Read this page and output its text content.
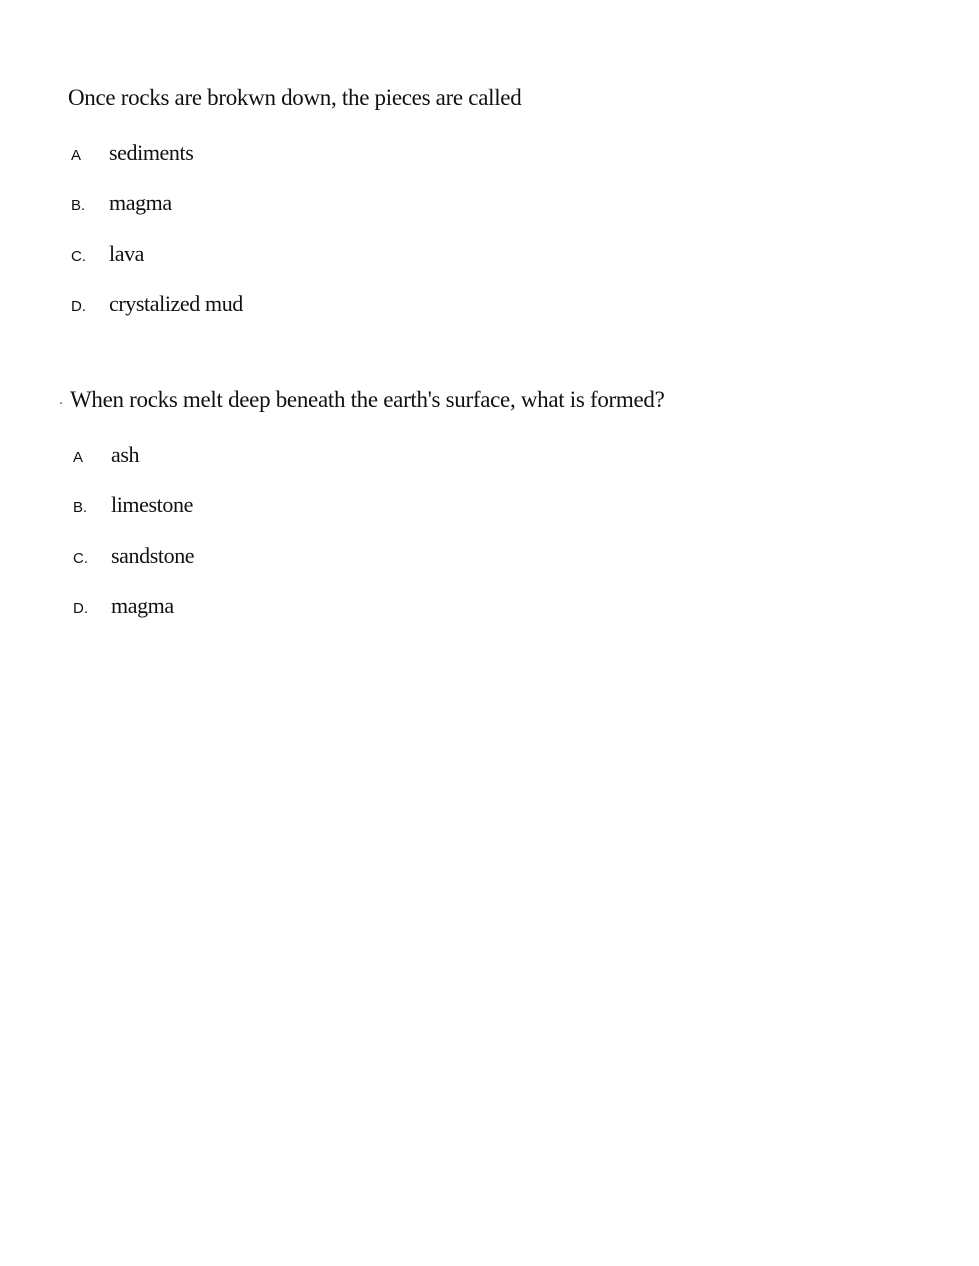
Once rocks are brokwn down, the pieces are called

A	sediments
B.	magma
C.	lava
D.	crystalized mud

When rocks melt deep beneath the earth's surface, what is formed?

A	ash
B.	limestone
C.	sandstone
D.	magma
